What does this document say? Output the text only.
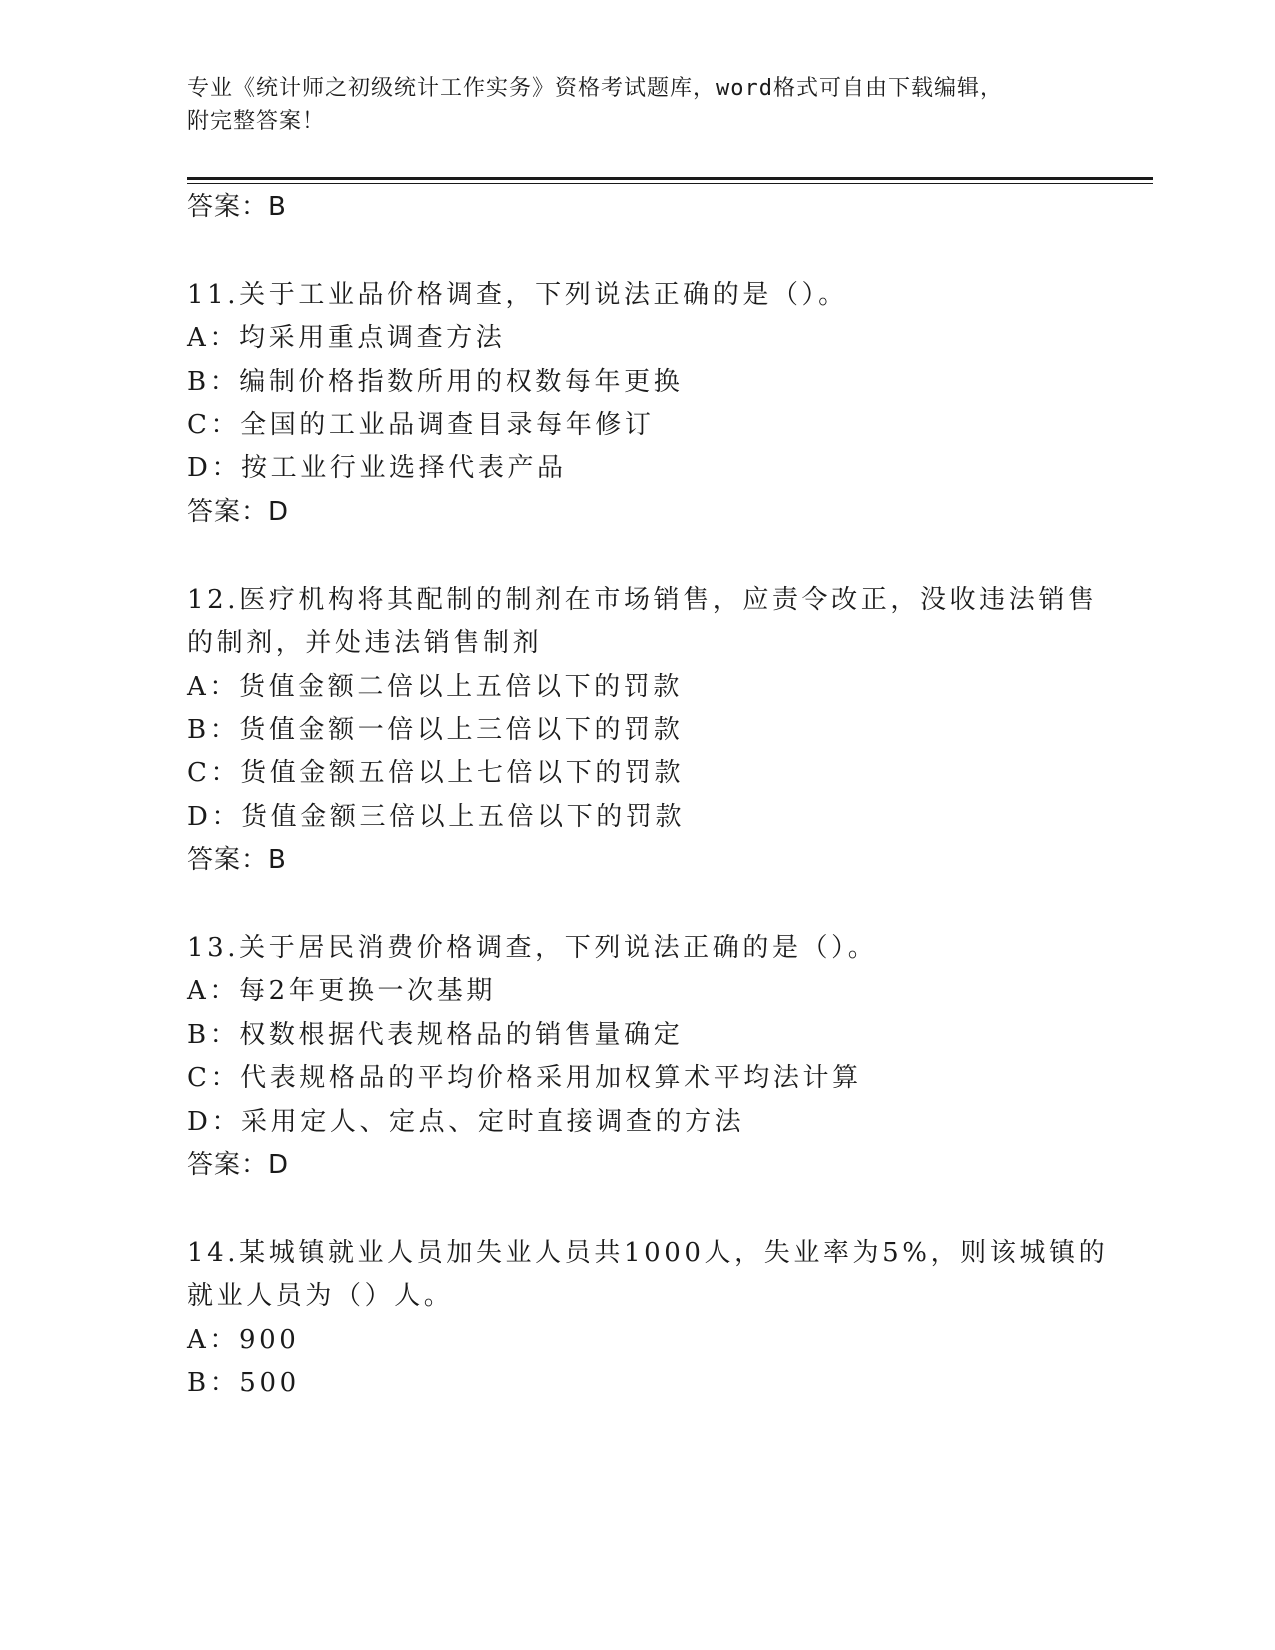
专业《统计师之初级统计工作实务》资格考试题库，word格式可自由下载编辑，
附完整答案！
答案：B
11.关于工业品价格调查，下列说法正确的是（）。
A：均采用重点调查方法
B：编制价格指数所用的权数每年更换
C：全国的工业品调查目录每年修订
D：按工业行业选择代表产品
答案：D
12.医疗机构将其配制的制剂在市场销售，应责令改正，没收违法销售
的制剂，并处违法销售制剂
A：货值金额二倍以上五倍以下的罚款
B：货值金额一倍以上三倍以下的罚款
C：货值金额五倍以上七倍以下的罚款
D：货值金额三倍以上五倍以下的罚款
答案：B
13.关于居民消费价格调查，下列说法正确的是（）。
A：每2年更换一次基期
B：权数根据代表规格品的销售量确定
C：代表规格品的平均价格采用加权算术平均法计算
D：采用定人、定点、定时直接调查的方法
答案：D
14.某城镇就业人员加失业人员共1000人，失业率为5%，则该城镇的
就业人员为（）人。
A：900
B：500
